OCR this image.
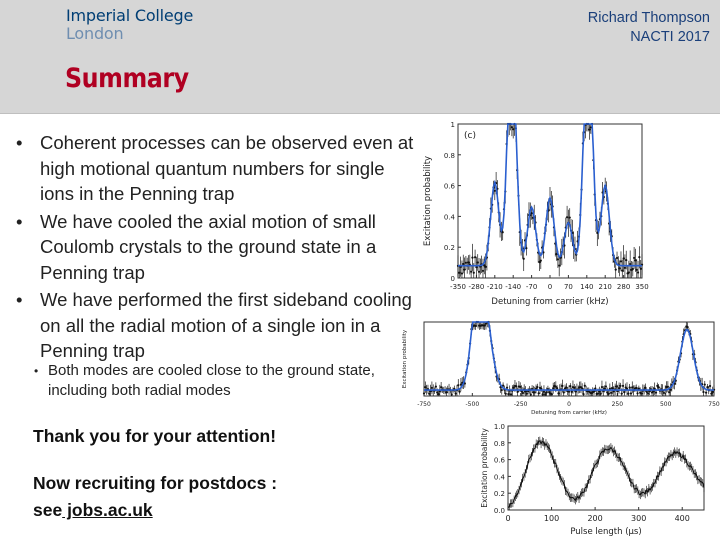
Imperial College
London
Richard Thompson
NACTI 2017
Summary
• Coherent processes can be observed even at high motional quantum numbers for single ions in the Penning trap
• We have cooled the axial motion of small Coulomb crystals to the ground state in a Penning trap
• We have performed the first sideband cooling on all the radial motion of a single ion in a Penning trap
• Both modes are cooled close to the ground state, including both radial modes
Thank you for your attention!
Now recruiting for postdocs :
see jobs.ac.uk
-350 -280 -210 -140 -70 0 70 140 210 280 350
0
0.2
0.4
0.6
0.8
1
(c)
Excitation probability
Detuning from carrier (kHz)
-750	-500	-250	0	250	500	750
Excitation probability
Detuning from carrier (kHz)
0	100	200	300	400
0.0
0.2
0.4
0.6
0.8
1.0
Excitation probability
Pulse length (μs)
